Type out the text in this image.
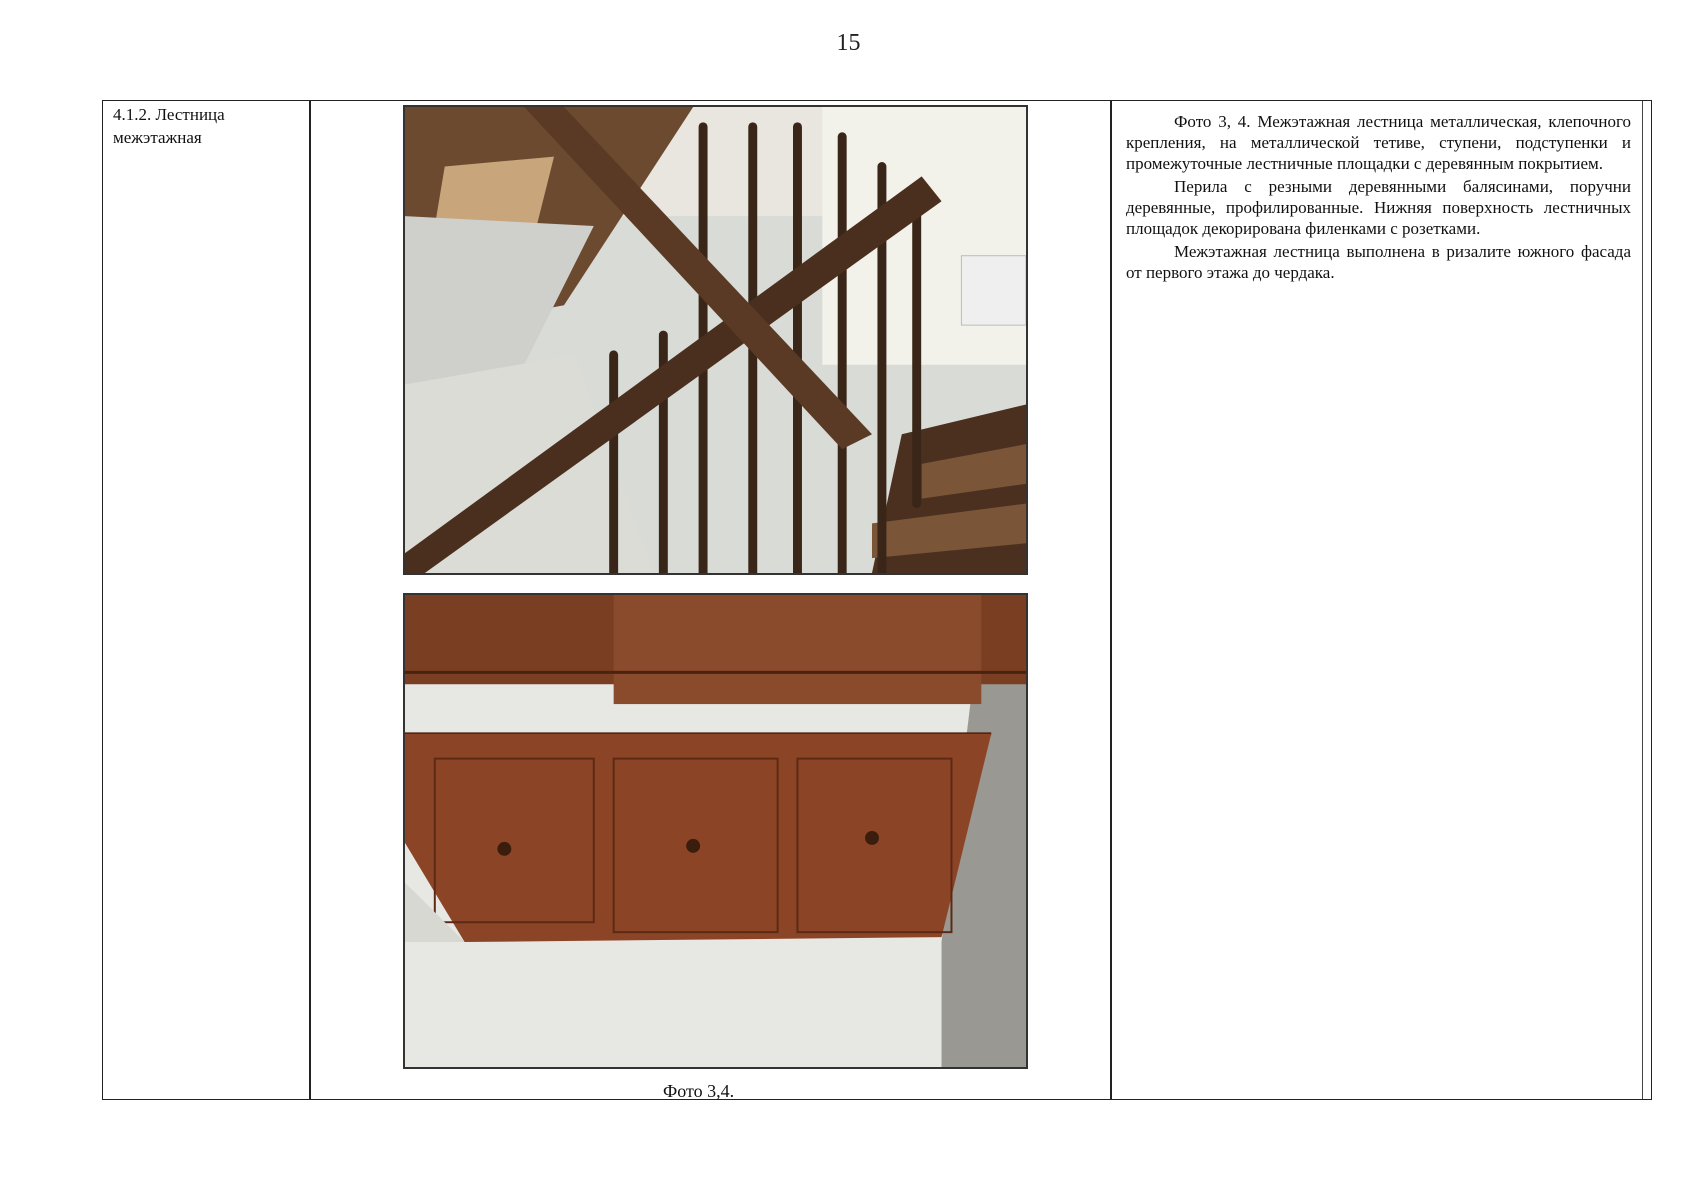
15
4.1.2. Лестница межэтажная
Фото 3,4.

Фото 3, 4. Межэтажная лестница металлическая, клепочного крепления, на металлической тетиве, ступени, подступенки и промежуточные лестничные площадки с деревянным покрытием.

Перила с резными деревянными балясинами, поручни деревянные, профилированные. Нижняя поверхность лестничных площадок декорирована филенками с розетками.

Межэтажная лестница выполнена в ризалите южного фасада от первого этажа до чердака.
